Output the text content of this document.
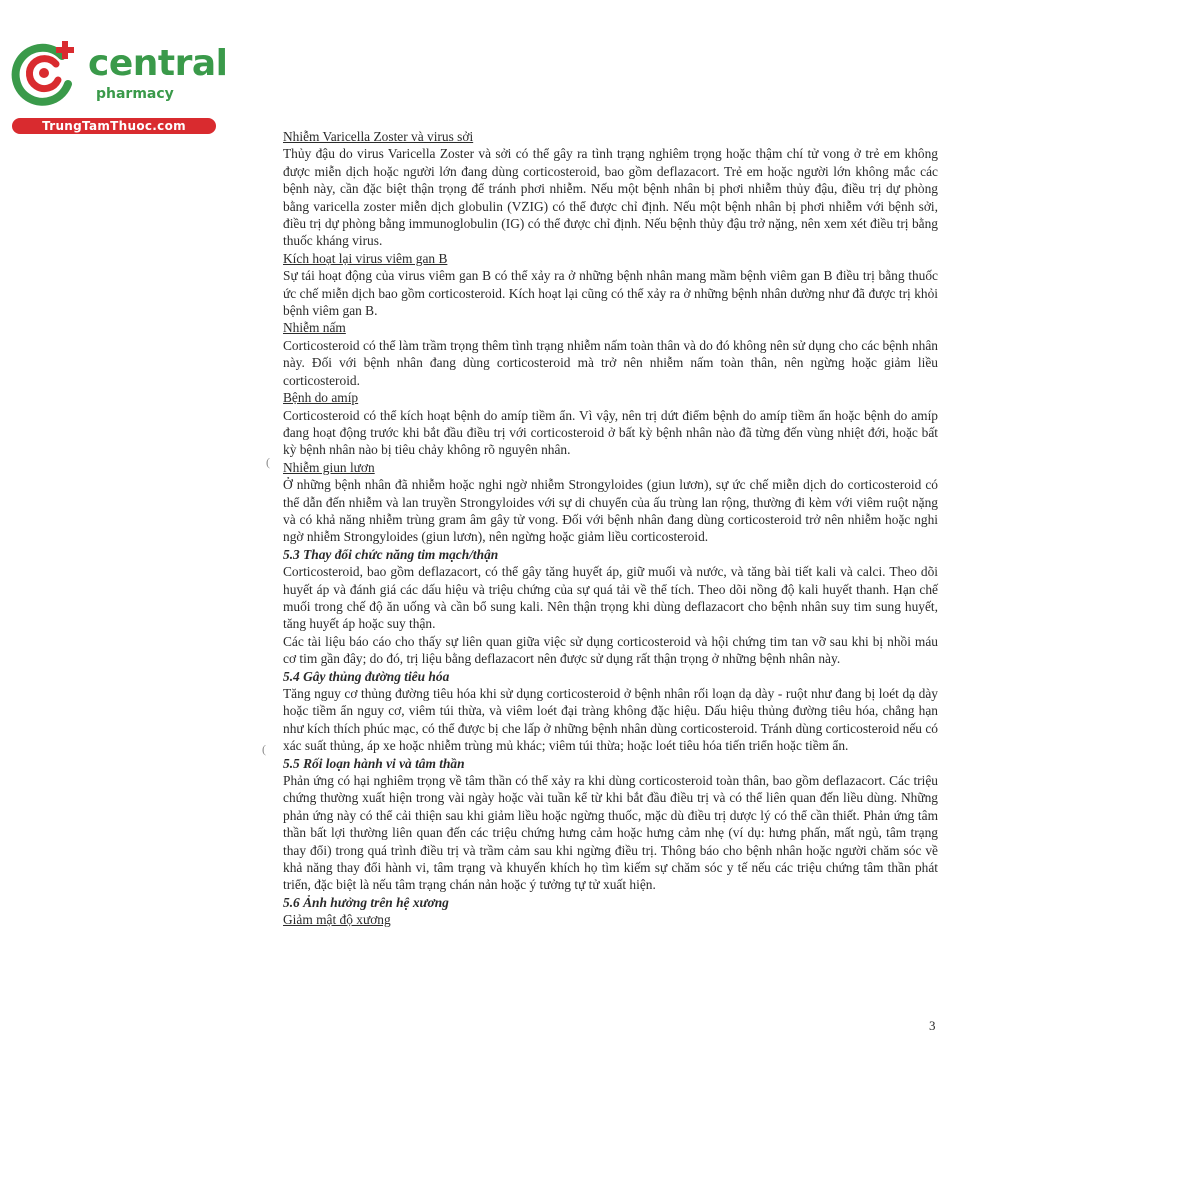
central
pharmacy
TrungTamThuoc.com
Nhiễm Varicella Zoster và virus sởi

Thủy đậu do virus Varicella Zoster và sởi có thể gây ra tình trạng nghiêm trọng hoặc thậm chí tử vong ở trẻ em không được miễn dịch hoặc người lớn đang dùng corticosteroid, bao gồm deflazacort. Trẻ em hoặc người lớn không mắc các bệnh này, cần đặc biệt thận trọng để tránh phơi nhiễm. Nếu một bệnh nhân bị phơi nhiễm thủy đậu, điều trị dự phòng bằng varicella zoster miễn dịch globulin (VZIG) có thể được chỉ định. Nếu một bệnh nhân bị phơi nhiễm với bệnh sởi, điều trị dự phòng bằng immunoglobulin (IG) có thể được chỉ định. Nếu bệnh thủy đậu trở nặng, nên xem xét điều trị bằng thuốc kháng virus.

Kích hoạt lại virus viêm gan B

Sự tái hoạt động của virus viêm gan B có thể xảy ra ở những bệnh nhân mang mầm bệnh viêm gan B điều trị bằng thuốc ức chế miễn dịch bao gồm corticosteroid. Kích hoạt lại cũng có thể xảy ra ở những bệnh nhân dường như đã được trị khỏi bệnh viêm gan B.

Nhiễm nấm

Corticosteroid có thể làm trầm trọng thêm tình trạng nhiễm nấm toàn thân và do đó không nên sử dụng cho các bệnh nhân này. Đối với bệnh nhân đang dùng corticosteroid mà trở nên nhiễm nấm toàn thân, nên ngừng hoặc giảm liều corticosteroid.

Bệnh do amíp

Corticosteroid có thể kích hoạt bệnh do amíp tiềm ẩn. Vì vậy, nên trị dứt điểm bệnh do amíp tiềm ẩn hoặc bệnh do amíp đang hoạt động trước khi bắt đầu điều trị với corticosteroid ở bất kỳ bệnh nhân nào đã từng đến vùng nhiệt đới, hoặc bất kỳ bệnh nhân nào bị tiêu chảy không rõ nguyên nhân.

Nhiễm giun lươn

Ở những bệnh nhân đã nhiễm hoặc nghi ngờ nhiễm Strongyloides (giun lươn), sự ức chế miễn dịch do corticosteroid có thể dẫn đến nhiễm và lan truyền Strongyloides với sự di chuyển của ấu trùng lan rộng, thường đi kèm với viêm ruột nặng và có khả năng nhiễm trùng gram âm gây tử vong. Đối với bệnh nhân đang dùng corticosteroid trở nên nhiễm hoặc nghi ngờ nhiễm Strongyloides (giun lươn), nên ngừng hoặc giảm liều corticosteroid.

5.3 Thay đổi chức năng tim mạch/thận

Corticosteroid, bao gồm deflazacort, có thể gây tăng huyết áp, giữ muối và nước, và tăng bài tiết kali và calci. Theo dõi huyết áp và đánh giá các dấu hiệu và triệu chứng của sự quá tải về thể tích. Theo dõi nồng độ kali huyết thanh. Hạn chế muối trong chế độ ăn uống và cần bổ sung kali. Nên thận trọng khi dùng deflazacort cho bệnh nhân suy tim sung huyết, tăng huyết áp hoặc suy thận.

Các tài liệu báo cáo cho thấy sự liên quan giữa việc sử dụng corticosteroid và hội chứng tim tan vỡ sau khi bị nhồi máu cơ tim gần đây; do đó, trị liệu bằng deflazacort nên được sử dụng rất thận trọng ở những bệnh nhân này.

5.4 Gây thủng đường tiêu hóa

Tăng nguy cơ thủng đường tiêu hóa khi sử dụng corticosteroid ở bệnh nhân rối loạn dạ dày - ruột như đang bị loét dạ dày hoặc tiềm ẩn nguy cơ, viêm túi thừa, và viêm loét đại tràng không đặc hiệu. Dấu hiệu thủng đường tiêu hóa, chẳng hạn như kích thích phúc mạc, có thể được bị che lấp ở những bệnh nhân dùng corticosteroid. Tránh dùng corticosteroid nếu có xác suất thủng, áp xe hoặc nhiễm trùng mủ khác; viêm túi thừa; hoặc loét tiêu hóa tiến triển hoặc tiềm ẩn.

5.5 Rối loạn hành vi và tâm thần

Phản ứng có hại nghiêm trọng về tâm thần có thể xảy ra khi dùng corticosteroid toàn thân, bao gồm deflazacort. Các triệu chứng thường xuất hiện trong vài ngày hoặc vài tuần kể từ khi bắt đầu điều trị và có thể liên quan đến liều dùng. Những phản ứng này có thể cải thiện sau khi giảm liều hoặc ngừng thuốc, mặc dù điều trị dược lý có thể cần thiết. Phản ứng tâm thần bất lợi thường liên quan đến các triệu chứng hưng cảm hoặc hưng cảm nhẹ (ví dụ: hưng phấn, mất ngủ, tâm trạng thay đổi) trong quá trình điều trị và trầm cảm sau khi ngừng điều trị. Thông báo cho bệnh nhân hoặc người chăm sóc về khả năng thay đổi hành vi, tâm trạng và khuyến khích họ tìm kiếm sự chăm sóc y tế nếu các triệu chứng tâm thần phát triển, đặc biệt là nếu tâm trạng chán nản hoặc ý tưởng tự tử xuất hiện.

5.6 Ảnh hưởng trên hệ xương
Giảm mật độ xương
3
(
(
